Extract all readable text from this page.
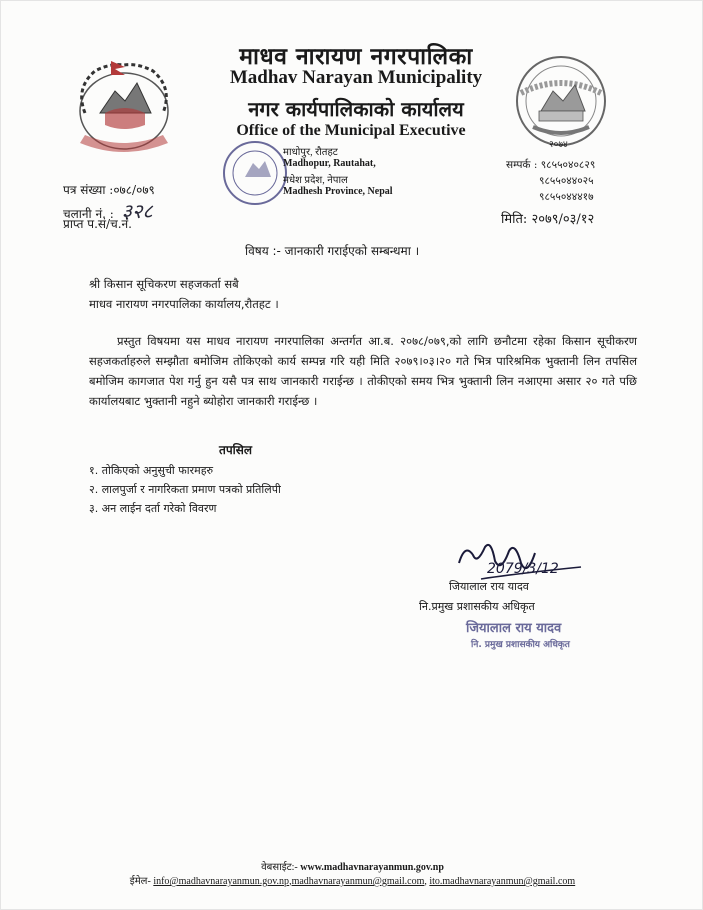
२०७४
माधव नारायण नगरपालिका
Madhav Narayan Municipality
नगर कार्यपालिकाको कार्यालय
Office of the Municipal Executive
माधोपुर, रौतहट
Madhopur, Rautahat,
मधेश प्रदेश, नेपाल
Madhesh Province, Nepal
पत्र संख्या :०७८/०७९
चलानी नं. : ३२८
प्राप्त प.सं/च.नं.
सम्पर्क : ९८५५०४०८२९
९८५५०४४०२५
९८५५०४४४१७
मिति: २०७९/०३/१२
विषय :- जानकारी गराईएको सम्बन्धमा ।
श्री किसान सूचिकरण सहजकर्ता सबै
माधव नारायण नगरपालिका कार्यालय,रौतहट ।
प्रस्तुत विषयमा यस माधव नारायण नगरपालिका अन्तर्गत आ.ब. २०७८/०७९,को लागि छनौटमा रहेका किसान सूचीकरण सहजकर्ताहरुले सम्झौता बमोजिम तोकिएको कार्य सम्पन्न गरि यही मिति २०७९।०३।२० गते भित्र पारिश्रमिक भुक्तानी लिन तपसिल बमोजिम कागजात पेश गर्नु हुन यसै पत्र साथ जानकारी गराईन्छ । तोकीएको समय भित्र भुक्तानी लिन नआएमा असार २० गते पछि कार्यालयबाट भुक्तानी नहुने ब्योहोरा जानकारी गराईन्छ ।
तपसिल
१. तोकिएको अनुसुची फारमहरु
२. लालपुर्जा र नागरिकता प्रमाण पत्रको प्रतिलिपी
३. अन लाईन दर्ता गरेको विवरण
2079/3/12
जियालाल राय यादव
नि.प्रमुख प्रशासकीय अधिकृत
जियालाल राय यादव
नि. प्रमुख प्रशासकीय अधिकृत
वेबसाईट:- www.madhavnarayanmun.gov.np
ईमेल- info@madhavnarayanmun.gov.np,madhavnarayanmun@gmail.com, ito.madhavnarayanmun@gmail.com
